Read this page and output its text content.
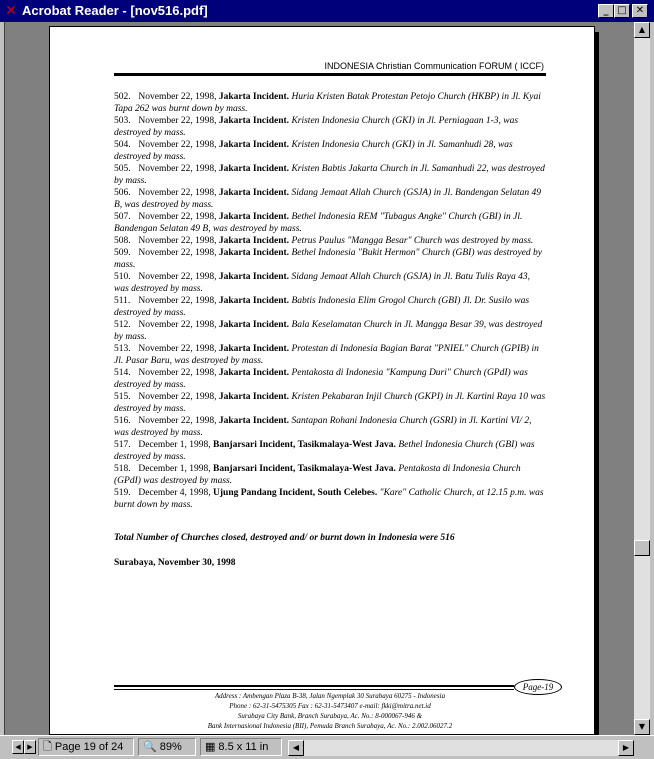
✕ Acrobat Reader - [nov516.pdf]	_ □ ✕
INDONESIA Christian Communication FORUM ( ICCF)
502. November 22, 1998, Jakarta Incident. Huria Kristen Batak Protestan Petojo Church (HKBP) in Jl. Kyai Tapa 262 was burnt down by mass.
503. November 22, 1998, Jakarta Incident. Kristen Indonesia Church (GKI) in Jl. Perniagaan 1-3, was destroyed by mass.
504. November 22, 1998, Jakarta Incident. Kristen Indonesia Church (GKI) in Jl. Samanhudi 28, was destroyed by mass.
505. November 22, 1998, Jakarta Incident. Kristen Babtis Jakarta Church in Jl. Samanhudi 22, was destroyed by mass.
506. November 22, 1998, Jakarta Incident. Sidang Jemaat Allah Church (GSJA) in Jl. Bandengan Selatan 49 B, was destroyed by mass.
507. November 22, 1998, Jakarta Incident. Bethel Indonesia REM "Tubagus Angke" Church (GBI) in Jl. Bandengan Selatan 49 B, was destroyed by mass.
508. November 22, 1998, Jakarta Incident. Petrus Paulus "Mangga Besar" Church was destroyed by mass.
509. November 22, 1998, Jakarta Incident. Bethel Indonesia "Bukit Hermon" Church (GBI) was destroyed by mass.
510. November 22, 1998, Jakarta Incident. Sidang Jemaat Allah Church (GSJA) in Jl. Batu Tulis Raya 43, was destroyed by mass.
511. November 22, 1998, Jakarta Incident. Babtis Indonesia Elim Grogol Church (GBI) Jl. Dr. Susilo was destroyed by mass.
512. November 22, 1998, Jakarta Incident. Bala Keselamatan Church in Jl. Mangga Besar 39, was destroyed by mass.
513. November 22, 1998, Jakarta Incident. Protestan di Indonesia Bagian Barat "PNIEL" Church (GPIB) in Jl. Pasar Baru, was destroyed by mass.
514. November 22, 1998, Jakarta Incident. Pentakosta di Indonesia "Kampung Duri" Church (GPdI) was destroyed by mass.
515. November 22, 1998, Jakarta Incident. Kristen Pekabaran Injil Church (GKPI) in Jl. Kartini Raya 10 was destroyed by mass.
516. November 22, 1998, Jakarta Incident. Santapan Rohani Indonesia Church (GSRI) in Jl. Kartini VI/ 2, was destroyed by mass.
517. December 1, 1998, Banjarsari Incident, Tasikmalaya-West Java. Bethel Indonesia Church (GBI) was destroyed by mass.
518. December 1, 1998, Banjarsari Incident, Tasikmalaya-West Java. Pentakosta di Indonesia Church (GPdI) was destroyed by mass.
519. December 4, 1998, Ujung Pandang Incident, South Celebes. "Kare" Catholic Church, at 12.15 p.m. was burnt down by mass.
Total Number of Churches closed, destroyed and/ or burnt down in Indonesia were 516
Surabaya, November 30, 1998
Page-19
Address : Ambengan Plaza B-38, Jalan Ngemplak 30 Surabaya 60275 - Indonesia
Phone : 62-31-5475305 Fax : 62-31-5473407 e-mail: fkki@mitra.net.id
Surabaya City Bank, Branch Surabaya, Ac. No.: 8-000067-946 &
Bank Internasional Indonesia (BII), Pemuda Branch Surabaya, Ac. No.: 2.002.06027.2
▲
▼
◀ ▶ 🗋 Page 19 of 24	🔍 89%	▦ 8.5 x 11 in	◀	▶
